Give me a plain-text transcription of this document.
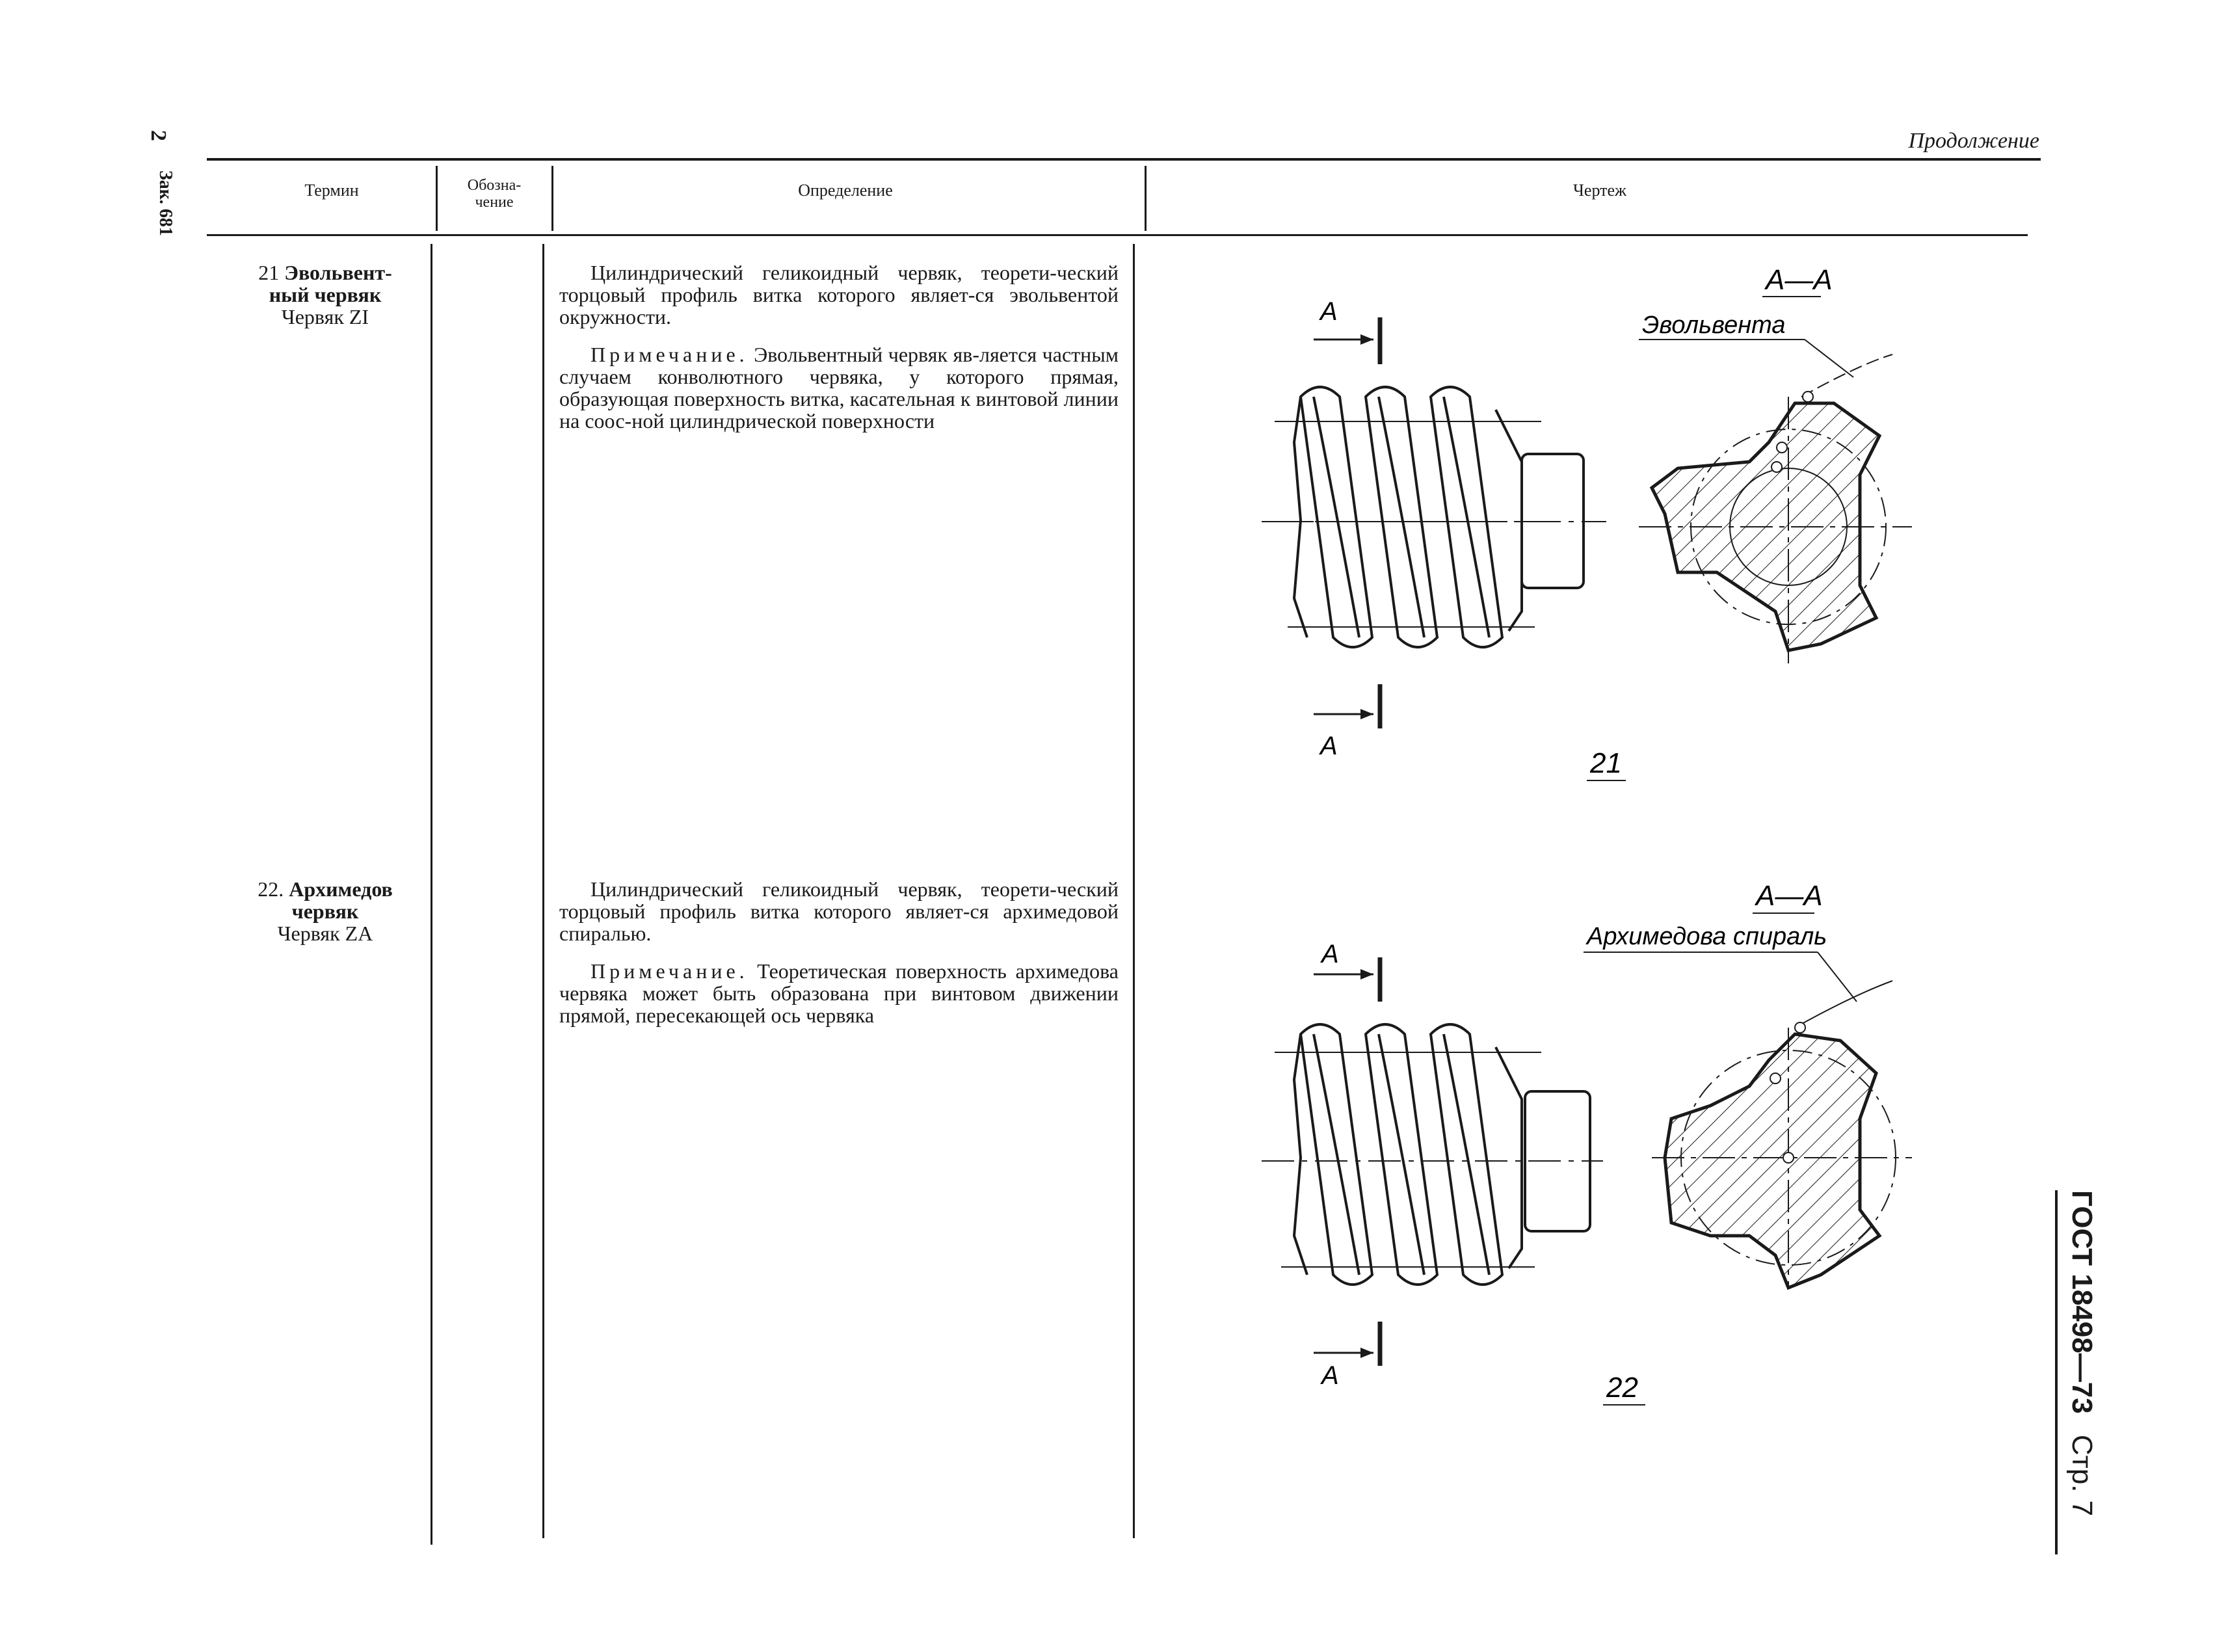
2
Зак. 681
Продолжение
Термин	Обозна-
чение
Определение	Чертеж
21 Эвольвент-
ный червяк
Червяк ZI
Цилиндрический геликоидный червяк, теорети-ческий торцовый профиль витка которого являет-ся эвольвентой окружности.
Примечание. Эвольвентный червяк яв-ляется частным случаем конволютного червяка, у которого прямая, образующая поверхность витка, касательная к винтовой линии на соос-ной цилиндрической поверхности
22. Архимедов
червяк
Червяк ZA
Цилиндрический геликоидный червяк, теорети-ческий торцовый профиль витка которого являет-ся архимедовой спиралью.
Примечание. Теоретическая поверхность архимедова червяка может быть образована при винтовом движении прямой, пересекающей ось червяка
ГОСТ 18498—73 Стр. 7
А
А
А—А
Эвольвента
21
А
А
А—А
Архимедова спираль
22
